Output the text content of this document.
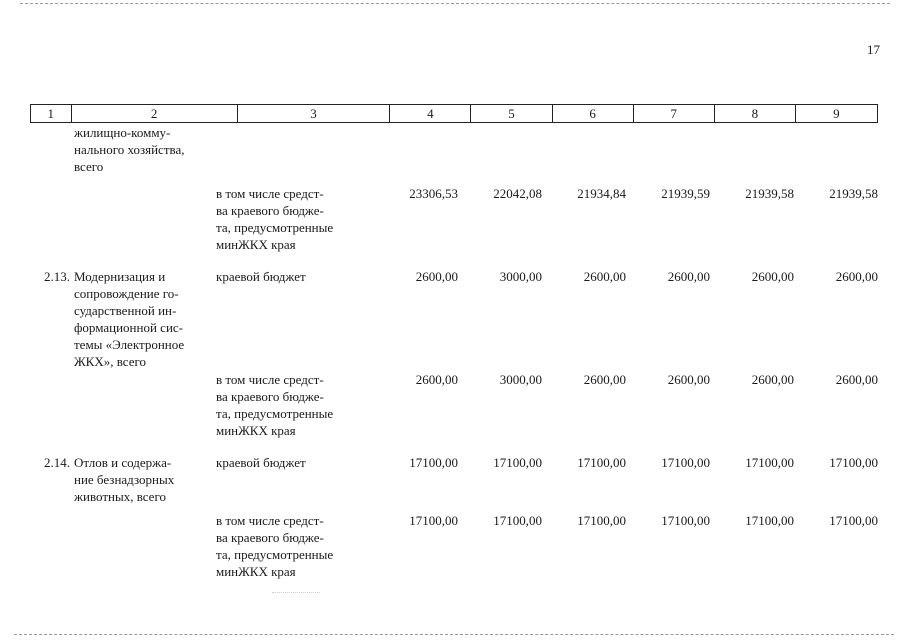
17
1	2	3	4	5	6	7	8	9
жилищно-комму-
нального хозяйства,
всего
в том числе средст-
ва краевого бюдже-
та, предусмотренные
минЖКХ края
23306,53	22042,08	21934,84	21939,59	21939,58	21939,58
2.13. Модернизация и
сопровождение го-
сударственной ин-
формационной сис-
темы «Электронное
ЖКХ», всего
краевой бюджет	2600,00	3000,00	2600,00	2600,00	2600,00	2600,00
в том числе средст-
ва краевого бюдже-
та, предусмотренные
минЖКХ края
2600,00	3000,00	2600,00	2600,00	2600,00	2600,00
2.14. Отлов и содержа-
ние безнадзорных
животных, всего
краевой бюджет	17100,00	17100,00	17100,00	17100,00	17100,00	17100,00
в том числе средст-
ва краевого бюдже-
та, предусмотренные
минЖКХ края
17100,00	17100,00	17100,00	17100,00	17100,00	17100,00
